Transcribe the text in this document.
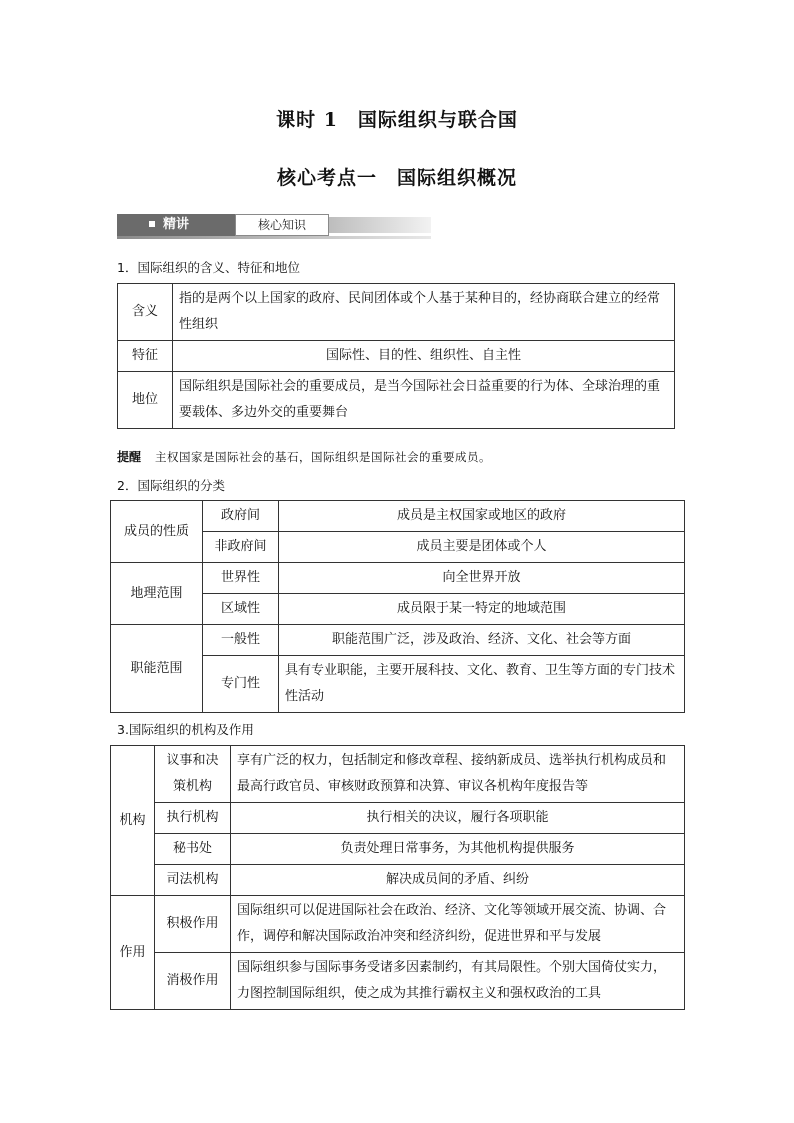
课时 1　国际组织与联合国
核心考点一　国际组织概况
精讲	核心知识
1．国际组织的含义、特征和地位
含义	指的是两个以上国家的政府、民间团体或个人基于某种目的，经协商联合建立的经常性组织
特征	国际性、目的性、组织性、自主性
地位	国际组织是国际社会的重要成员，是当今国际社会日益重要的行为体、全球治理的重要载体、多边外交的重要舞台
提醒 主权国家是国际社会的基石，国际组织是国际社会的重要成员。
2．国际组织的分类
成员的性质	政府间	成员是主权国家或地区的政府
	非政府间	成员主要是团体或个人
地理范围	世界性	向全世界开放
	区域性	成员限于某一特定的地域范围
职能范围	一般性	职能范围广泛，涉及政治、经济、文化、社会等方面
	专门性	具有专业职能，主要开展科技、文化、教育、卫生等方面的专门技术性活动
3.国际组织的机构及作用
机构	议事和决策机构	享有广泛的权力，包括制定和修改章程、接纳新成员、选举执行机构成员和最高行政官员、审核财政预算和决算、审议各机构年度报告等
	执行机构	执行相关的决议，履行各项职能
	秘书处	负责处理日常事务，为其他机构提供服务
	司法机构	解决成员间的矛盾、纠纷
作用	积极作用	国际组织可以促进国际社会在政治、经济、文化等领域开展交流、协调、合作，调停和解决国际政治冲突和经济纠纷，促进世界和平与发展
	消极作用	国际组织参与国际事务受诸多因素制约，有其局限性。个别大国倚仗实力，力图控制国际组织，使之成为其推行霸权主义和强权政治的工具
